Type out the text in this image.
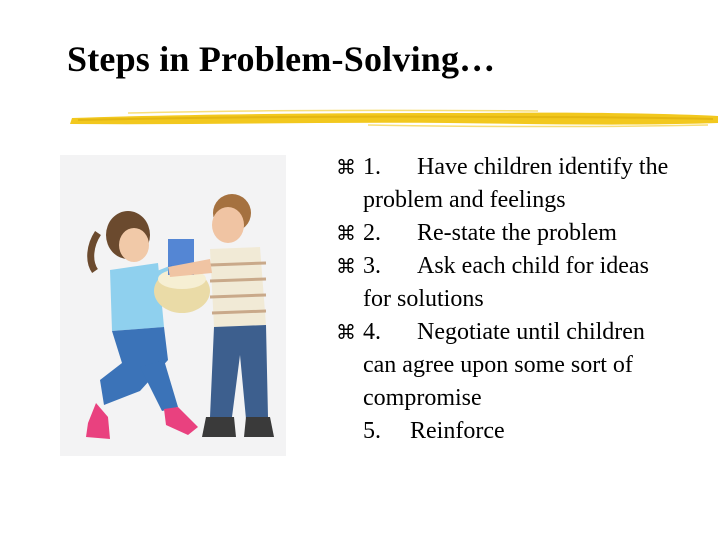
Steps in Problem-Solving…
⌘ 1. Have children identify the
problem and feelings
⌘ 2. Re-state the problem
⌘ 3. Ask each child for ideas
for solutions
⌘ 4. Negotiate until children
can agree upon some sort of
compromise
5. Reinforce
